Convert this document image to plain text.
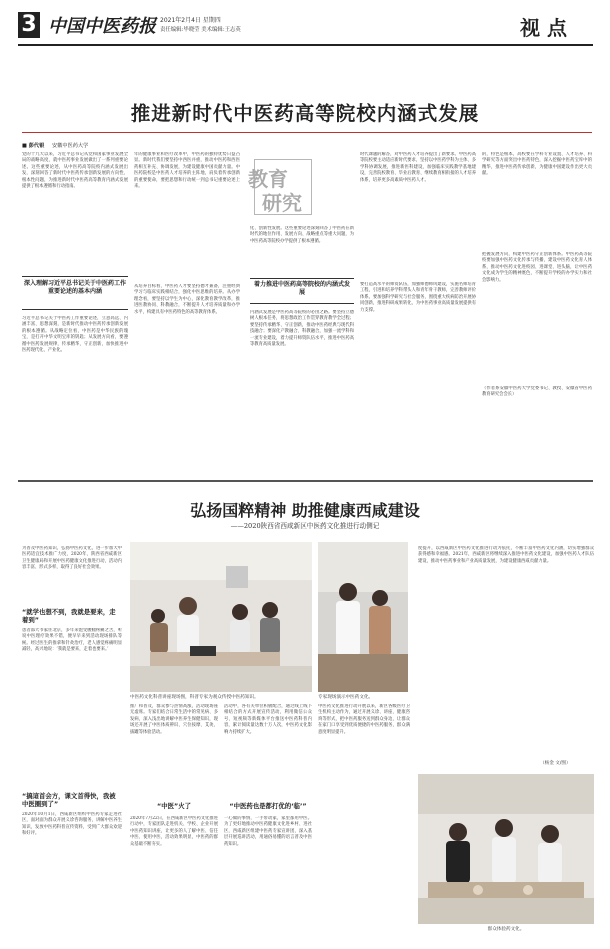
3 中国中医药报 2021年2月4日 星期四
责任编辑:毕晓莹 美术编辑:王志英	视 点
推进新时代中医药高等院校内涵式发展
■ 彭代银 安徽中医药大学
党的十九大以来，习近平总书记从党和国家事业发展全局的战略高度，就中医药事业发展做出了一系列重要论述。这些重要论述，从中医药高等院校内涵式发展出发，深刻回答了新时代中医药传承创新发展的方向性、根本性问题，为推进新时代中医药高等教育内涵式发展提供了根本遵循和行动指南。
深入理解习近平总书记关于中医药工作重要论述的基本内涵
习近平总书记关于中医药工作重要论述，立意高远、内涵丰富、思想深刻，是新时代推动中医药传承创新发展的根本遵循。从战略定位看，中医药是中华民族的瑰宝，是打开中华文明宝库的钥匙；从发展方向看，要遵循中医药发展规律，传承精华，守正创新，加快推进中医药现代化、产业化。
年的健康事业和医疗改革中，中医药的独特优势日益凸显。新时代我们要坚持中西医并重，推动中医药和西医药相互补充、协调发展，为建设健康中国贡献力量。中医药院校是中医药人才培养的主阵地，肩负着传承创新的重要使命，要把思想和行动统一到总书记重要论述上来。
从培养目标看，中医药人才要坚持德才兼备，注重经典学习与临床实践相结合，强化中医思维的培养。从办学理念看，要坚持以学生为中心，深化教育教学改革，推进医教协同、科教融合，不断提升人才培养质量和办学水平，构建具有中医药特色的高等教育体系。
教育
研究
化、创新性发展。这些重要论述深刻回答了中医药在新时代的地位作用、发展方向、战略重点等重大问题，为中医药高等院校办学提供了根本遵循。
着力推进中医药高等院校的内涵式发展
内涵式发展是中医药高等院校的必由之路。要坚持立德树人根本任务，将思想政治工作贯穿教育教学全过程；要坚持传承精华、守正创新，推动中医药经典与现代科技融合；要深化产教融合、科教融合，加强一流学科和一流专业建设，着力提升师资队伍水平，推进中医药高等教育高质量发展。
时代课题的解答，对中医药人才培养提出了新要求。中医药高等院校要主动适应新时代要求，坚持以中医药学科为主体、多学科协调发展，推进新医科建设，加强临床实践教学基地建设，完善院校教育、毕业后教育、继续教育相衔接的人才培养体系，培养更多高素质中医药人才。
要打造高水平的师资队伍，加强师德师风建设，实施名师培育工程，引进和培养学科带头人和青年骨干教师，完善教师评价体系。要加强科学研究与社会服务，围绕重大疾病防治开展协同创新，推进科研成果转化，为中医药事业高质量发展提供有力支撑。
的，特色是根本，高校要在学科专业设置、人才培养、科学研究等方面突出中医药特色，深入挖掘中医药宝库中的精华，推进中医药传承创新，为健康中国建设作出更大贡献。
把握发展方向，构建中医药守正创新体系。中医药高等院校要加强中医药文化传承与传播，建设中医药文化育人体系，推动中医药文化进校园、进课堂、进头脑，让中医药文化成为学生的精神底色，不断提升学校的办学实力和社会影响力。
（作者系安徽中医药大学党委书记、教授、安徽省中医药教育研究会会长）
弘扬国粹精神 助推健康西咸建设
——2020陕西省西咸新区中医药文化推进行动侧记
为普及中医药知识，弘扬中医药文化，进一步加大中医药适宜技术推广力度，2020年，陕西省西咸新区卫生健康局和开展中医药健康文化推进行动，活动内容丰富、形式多样，取得了良好社会效果。
“就学也想不到，我就是要来，走着到”
患者邵大爷家住北京，多年来饱受腰腿疼痛之苦，听说中医理疗效果不错，便早早来到活动现场排队等候。经过医生的推拿和针灸治疗，老人感觉疼痛明显减轻，高兴地说：‘我就是要来，走着也要来。’
“搞這首会方，课文首得快，我被中医圈到了”
2020年10月1日，西咸新区组织中医药专家走进社区，面对面为群众开展义诊咨询服务，讲解中医养生知识，发放中医药科普宣传资料，受到广大群众欢迎和好评。
中医药文化科普讲座现场图，科普专家为观众传授中医药知识。	专家现场演示中医药文化。
推广和普及，群众参与热情高涨，活动现场座无虚席。专家们结合日常生活中的常见病、多发病，深入浅出地讲解中医养生保健知识，现场还开展了中医体质辨识、穴位按摩、艾灸、拔罐等体验活动。
“中医”火了
2020年7月22日，在西咸新区中医药文化推进行动中，专家团队走进机关、学校、企业开展中医药知识讲座，让更多的人了解中医、信任中医、使用中医，活动效果明显，中医药的群众基础不断夯实。
活动中，各有关单位积极配合，通过线上线下相结合的方式开展宣传活动，利用微信公众号、短视频等新媒体平台推送中医药科普内容，累计阅读量达数十万人次，中医药文化影响力持续扩大。
“中医药也是都打优的‘临’”
一心做的事情，一手带动家，家里都用中医。为了更好地推动中医药健康文化进乡村、进社区，西咸新区组建中医药专家宣讲团，深入基层开展巡讲活动，用通俗易懂的语言普及中医药知识。
中医药文化推进行动开展以来，新区各级医疗卫生机构主动作为，通过开展义诊、讲座、健康咨询等形式，把中医药服务送到群众身边，让群众在家门口享受到优质便捷的中医药服务，群众满意度明显提升。
度提升，以西咸新区中医药文化推进行动为依托，不断丰富中医药文化内涵，切实增强群众获得感和幸福感。2021年，西咸新区将继续深入推进中医药文化建设，加强中医药人才队伍建设，推动中医药事业和产业高质量发展，为建设健康西咸贡献力量。
（杨金 文/图）
群众体验药文化。
